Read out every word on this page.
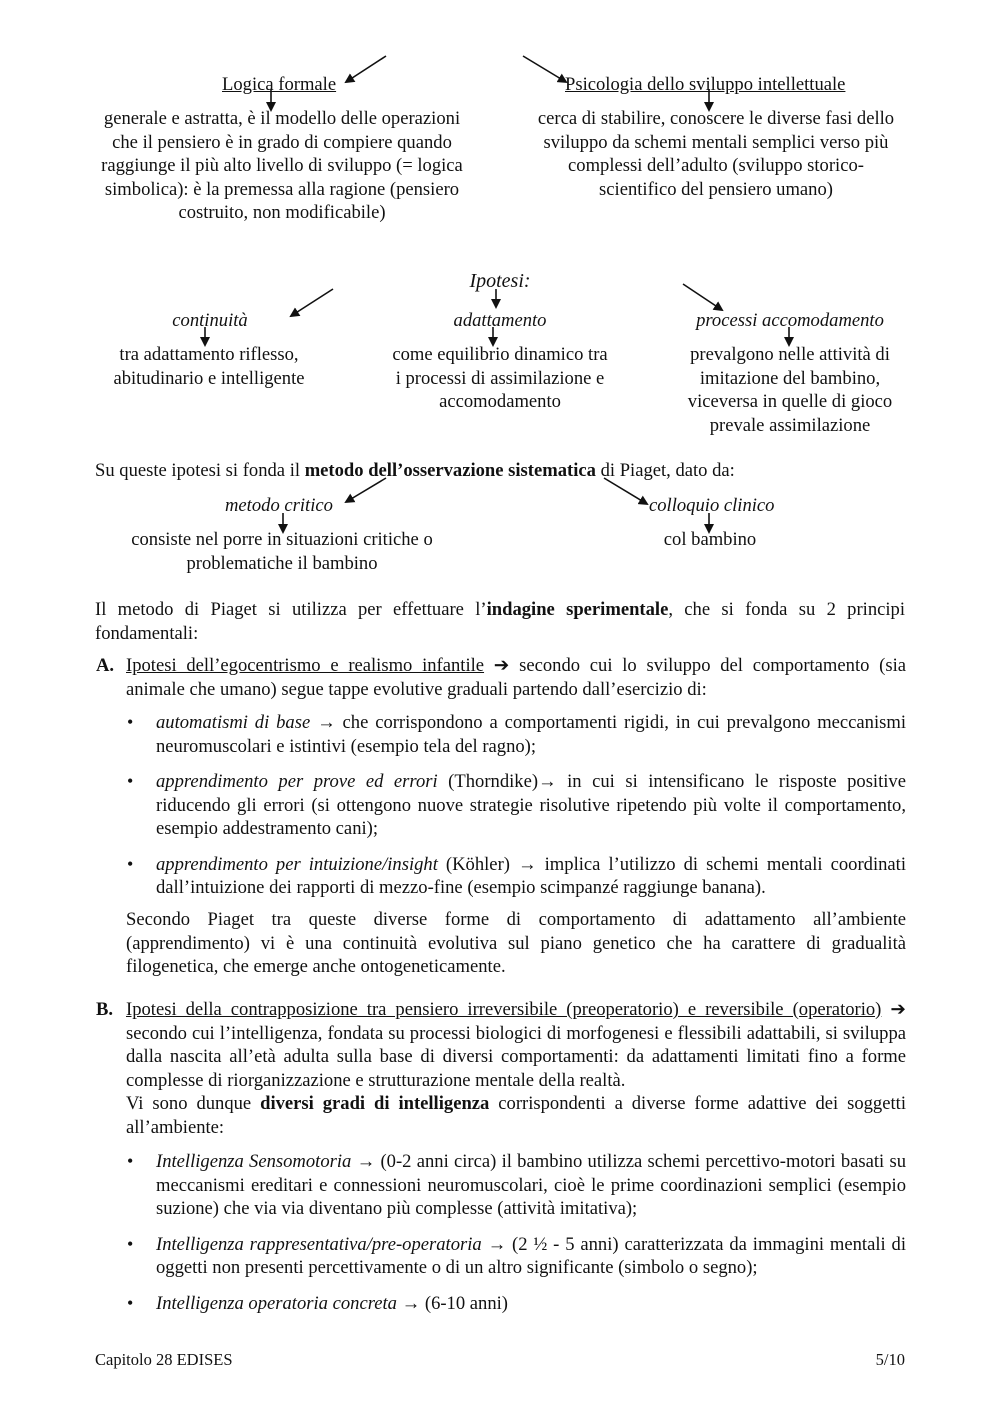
Logica formale
generale e astratta, è il modello delle operazioni che il pensiero è in grado di compiere quando raggiunge il più alto livello di sviluppo (= logica simbolica): è la premessa alla ragione (pensiero costruito, non modificabile)
Psicologia dello sviluppo intellettuale
cerca di stabilire, conoscere le diverse fasi dello sviluppo da schemi mentali semplici verso più complessi dell’adulto (sviluppo storico-scientifico del pensiero umano)
Ipotesi:
continuità
tra adattamento riflesso, abitudinario e intelligente
adattamento
come equilibrio dinamico tra i processi di assimilazione e accomodamento
processi accomodamento
prevalgono nelle attività di imitazione del bambino, viceversa in quelle di gioco prevale assimilazione
Su queste ipotesi si fonda il metodo dell’osservazione sistematica di Piaget, dato da:
metodo critico
consiste nel porre in situazioni critiche o problematiche il bambino
colloquio clinico
col bambino
Il metodo di Piaget si utilizza per effettuare l’indagine sperimentale, che si fonda su 2 principi fondamentali:
A. Ipotesi dell’egocentrismo e realismo infantile ➔ secondo cui lo sviluppo del comportamento (sia animale che umano) segue tappe evolutive graduali partendo dall’esercizio di:
• automatismi di base → che corrispondono a comportamenti rigidi, in cui prevalgono meccanismi neuromuscolari e istintivi (esempio tela del ragno);
• apprendimento per prove ed errori (Thorndike)→ in cui si intensificano le risposte positive riducendo gli errori (si ottengono nuove strategie risolutive ripetendo più volte il comportamento, esempio addestramento cani);
• apprendimento per intuizione/insight (Köhler) → implica l’utilizzo di schemi mentali coordinati dall’intuizione dei rapporti di mezzo-fine (esempio scimpanzé raggiunge banana).
Secondo Piaget tra queste diverse forme di comportamento di adattamento all’ambiente (apprendimento) vi è una continuità evolutiva sul piano genetico che ha carattere di gradualità filogenetica, che emerge anche ontogeneticamente.
B. Ipotesi della contrapposizione tra pensiero irreversibile (preoperatorio) e reversibile (operatorio) ➔ secondo cui l’intelligenza, fondata su processi biologici di morfogenesi e flessibili adattabili, si sviluppa dalla nascita all’età adulta sulla base di diversi comportamenti: da adattamenti limitati fino a forme complesse di riorganizzazione e strutturazione mentale della realtà.
Vi sono dunque diversi gradi di intelligenza corrispondenti a diverse forme adattive dei soggetti all’ambiente:
• Intelligenza Sensomotoria → (0-2 anni circa) il bambino utilizza schemi percettivo-motori basati su meccanismi ereditari e connessioni neuromuscolari, cioè le prime coordinazioni semplici (esempio suzione) che via via diventano più complesse (attività imitativa);
• Intelligenza rappresentativa/pre-operatoria → (2 ½ - 5 anni) caratterizzata da immagini mentali di oggetti non presenti percettivamente o di un altro significante (simbolo o segno);
• Intelligenza operatoria concreta → (6-10 anni)
Capitolo 28 EDISES	5/10
